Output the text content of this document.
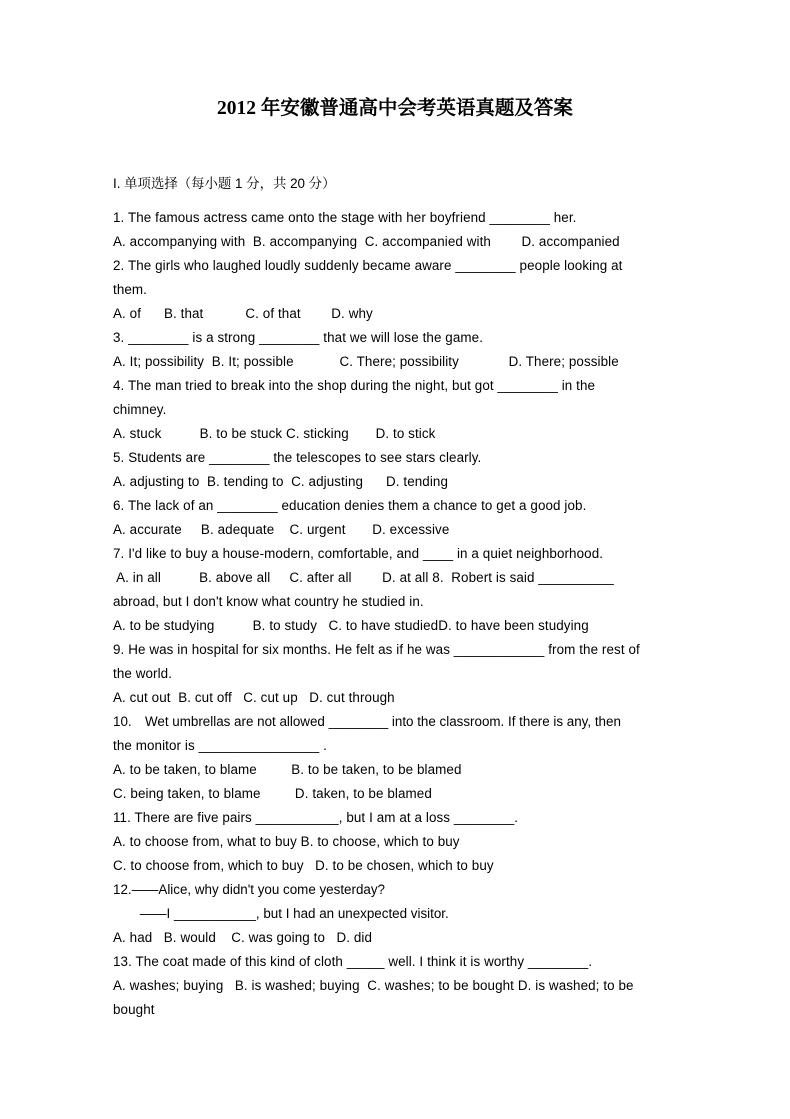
2012 年安徽普通高中会考英语真题及答案
I. 单项选择（每小题 1 分，共 20 分）
1. The famous actress came onto the stage with her boyfriend ________ her.
A. accompanying with  B. accompanying  C. accompanied with        D. accompanied
2. The girls who laughed loudly suddenly became aware ________ people looking at
them.
A. of      B. that           C. of that        D. why
3. ________ is a strong ________ that we will lose the game.
A. It; possibility  B. It; possible            C. There; possibility             D. There; possible
4. The man tried to break into the shop during the night, but got ________ in the
chimney.
A. stuck          B. to be stuck C. sticking       D. to stick
5. Students are ________ the telescopes to see stars clearly.
A. adjusting to  B. tending to  C. adjusting      D. tending
6. The lack of an ________ education denies them a chance to get a good job.
A. accurate     B. adequate    C. urgent       D. excessive
7. I'd like to buy a house-modern, comfortable, and ____ in a quiet neighborhood.
A. in all          B. above all     C. after all        D. at all 8.  Robert is said __________
abroad, but I don't know what country he studied in.
A. to be studying          B. to study   C. to have studiedD. to have been studying
9. He was in hospital for six months. He felt as if he was ____________ from the rest of
the world.
A. cut out  B. cut off   C. cut up   D. cut through
10.　Wet umbrellas are not allowed ________ into the classroom. If there is any, then
the monitor is ________________ .
A. to be taken, to blame         B. to be taken, to be blamed
C. being taken, to blame         D. taken, to be blamed
11. There are five pairs ___________, but I am at a loss ________.
A. to choose from, what to buy B. to choose, which to buy
C. to choose from, which to buy   D. to be chosen, which to buy
12.——Alice, why didn't you come yesterday?
　　——I ___________, but I had an unexpected visitor.
A. had   B. would    C. was going to   D. did
13. The coat made of this kind of cloth _____ well. I think it is worthy ________.
A. washes; buying   B. is washed; buying  C. washes; to be bought D. is washed; to be
bought
